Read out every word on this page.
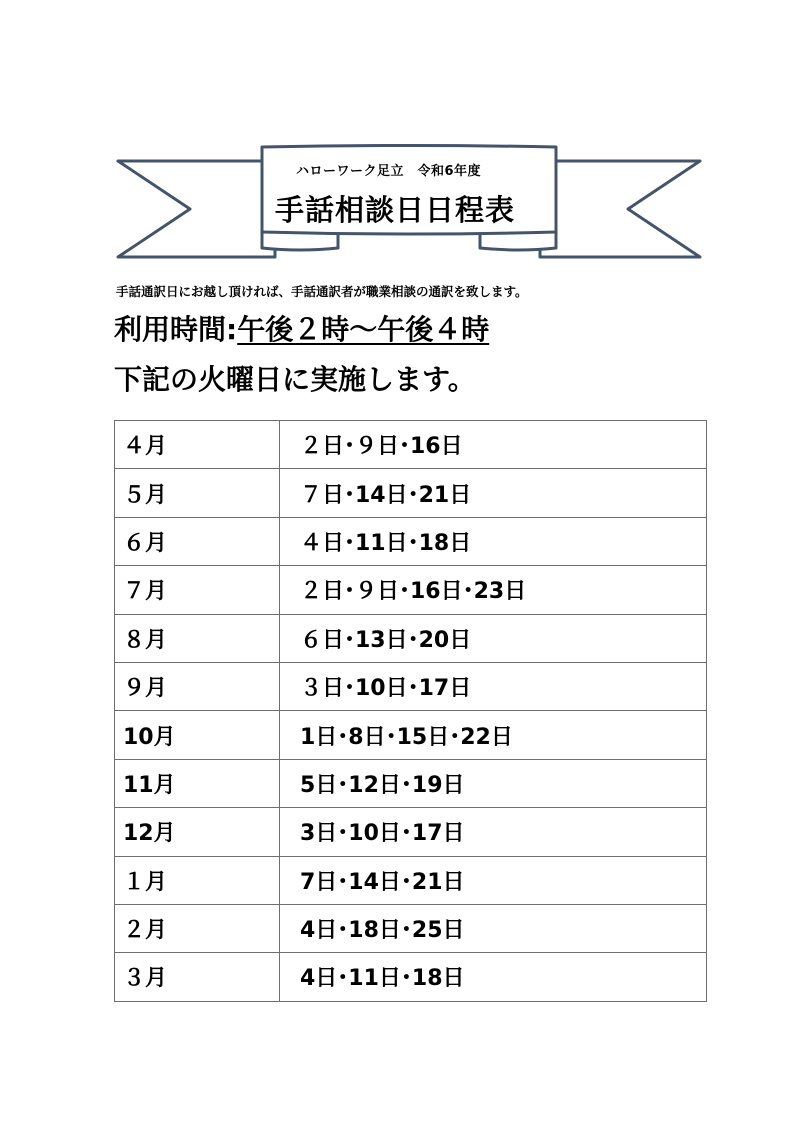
ハローワーク足立　令和6年度
手話相談日日程表
手話通訳日にお越し頂ければ、手話通訳者が職業相談の通訳を致します。
利用時間:午後２時～午後４時
下記の火曜日に実施します。
４月	２日･９日･16日
５月	７日･14日･21日
６月	４日･11日･18日
７月	２日･９日･16日･23日
８月	６日･13日･20日
９月	３日･10日･17日
10月	1日･8日･15日･22日
11月	5日･12日･19日
12月	3日･10日･17日
１月	7日･14日･21日
２月	4日･18日･25日
３月	4日･11日･18日
